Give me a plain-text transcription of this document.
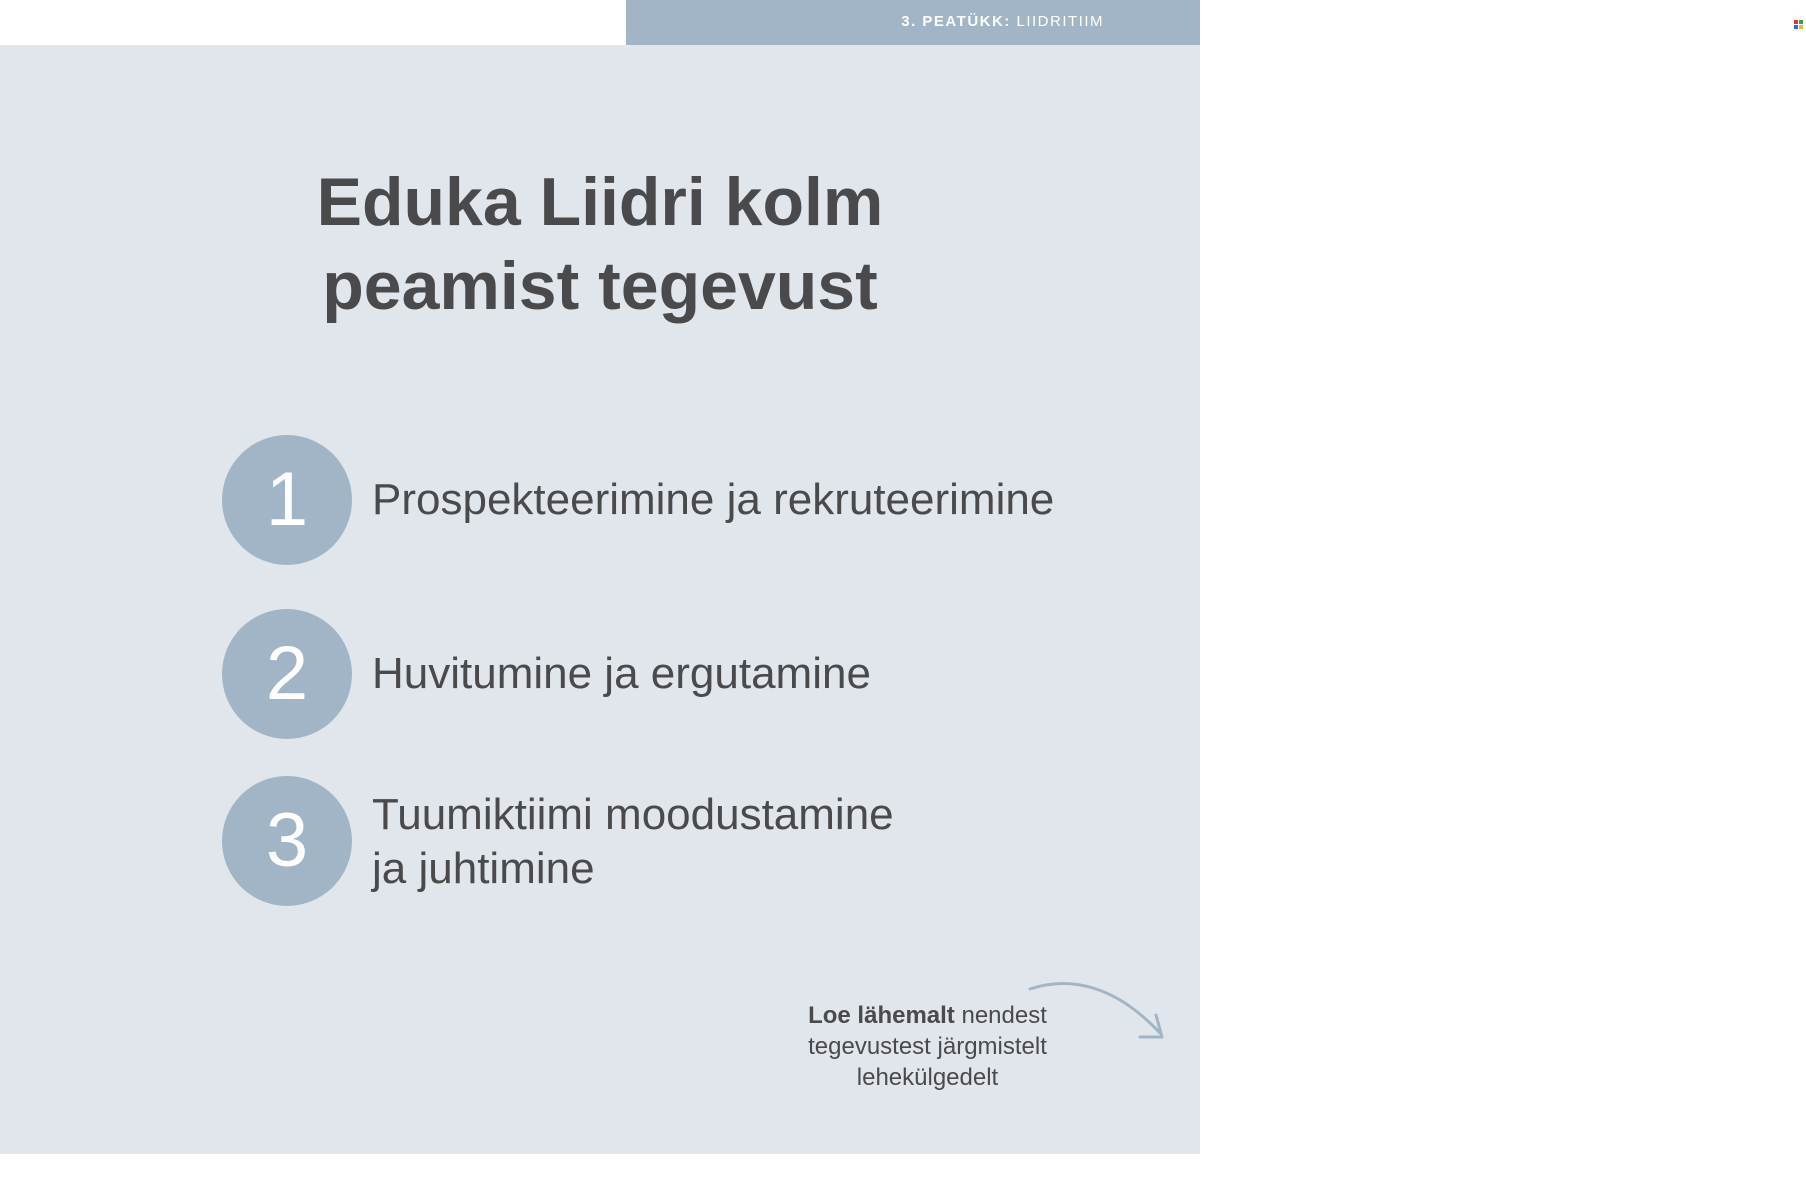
3. PEATÜKK: LIIDRITIIM	31
Eduka Liidri kolm
peamist tegevust
1	Prospekteerimine ja rekruteerimine
2	Huvitumine ja ergutamine
3	Tuumiktiimi moodustamine
ja juhtimine
Loe lähemalt nendest tegevustest järgmistelt lehekülgedelt
